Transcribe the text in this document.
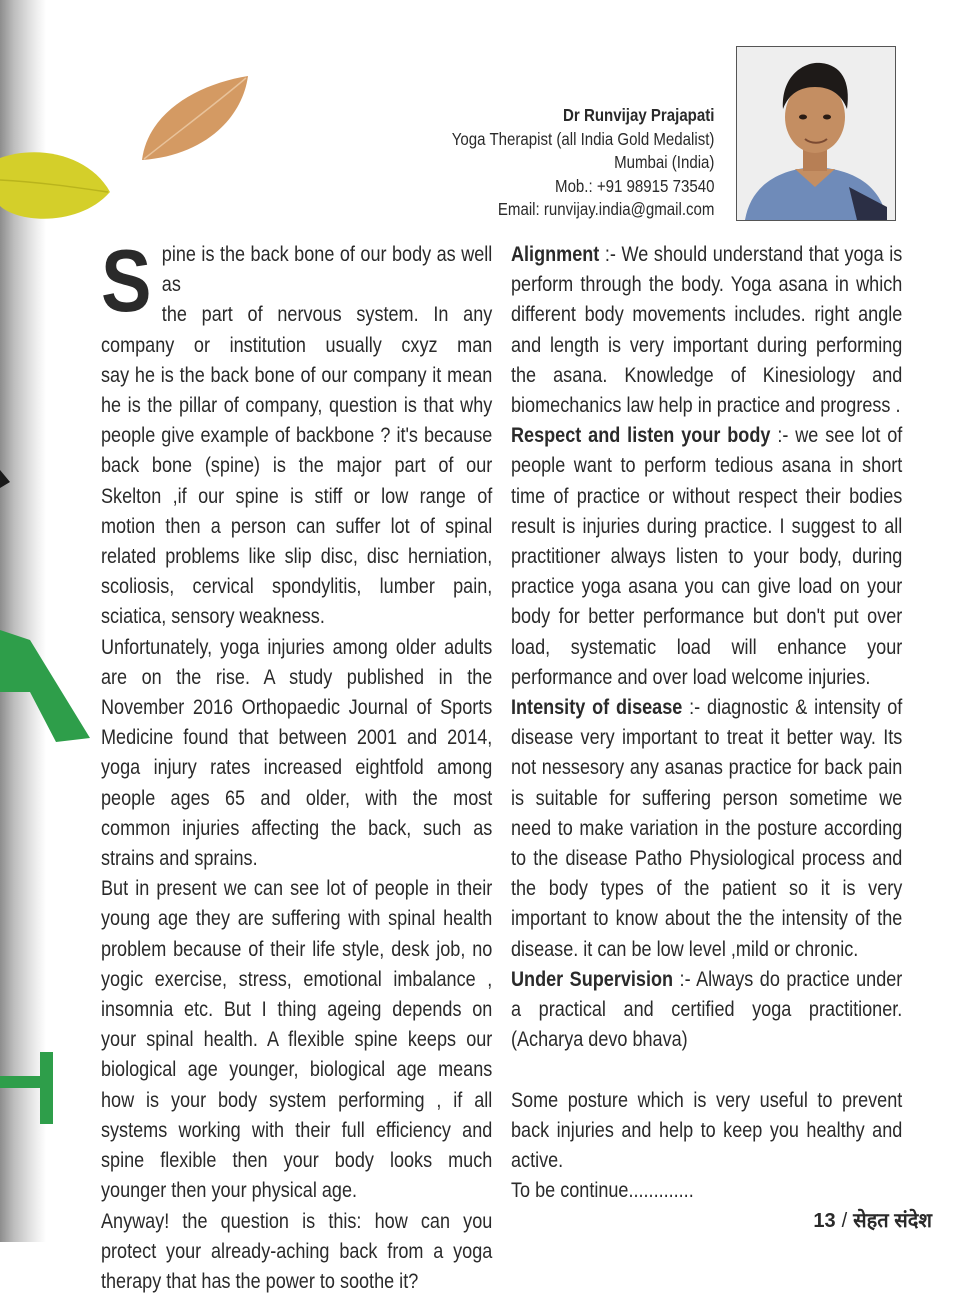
Dr Runvijay Prajapati
Yoga Therapist (all India Gold Medalist)
Mumbai (India)
Mob.: +91 98915 73540
Email: runvijay.india@gmail.com

S pine is the back bone of our body as well as
the part of nervous system. In any
company or institution usually cxyz man
say he is the back bone of our company it mean he is the pillar of company, question is that why people give example of backbone ? it's because back bone (spine) is the major part of our Skelton ,if our spine is stiff or low range of motion then a person can suffer lot of spinal related problems like slip disc, disc herniation, scoliosis, cervical spondylitis, lumber pain, sciatica, sensory weakness.

Unfortunately, yoga injuries among older adults are on the rise. A study published in the November 2016 Orthopaedic Journal of Sports Medicine found that between 2001 and 2014, yoga injury rates increased eightfold among people ages 65 and older, with the most common injuries affecting the back, such as strains and sprains.

But in present we can see lot of people in their young age they are suffering with spinal health problem because of their life style, desk job, no yogic exercise, stress, emotional imbalance , insomnia etc. But I thing ageing depends on your spinal health. A flexible spine keeps our biological age younger, biological age means how is your body system performing , if all systems working with their full efficiency and spine flexible then your body looks much younger then your physical age.

Anyway! the question is this: how can you protect your already-aching back from a yoga therapy that has the power to soothe it?

Alignment :- We should understand that yoga is perform through the body. Yoga asana in which different body movements includes. right angle and length is very important during performing the asana. Knowledge of Kinesiology and biomechanics law help in practice and progress .

Respect and listen your body :- we see lot of people want to perform tedious asana in short time of practice or without respect their bodies result is injuries during practice. I suggest to all practitioner always listen to your body, during practice yoga asana you can give load on your body for better performance but don't put over load, systematic load will enhance your performance and over load welcome injuries.

Intensity of disease :- diagnostic & intensity of disease very important to treat it better way. Its not nessesory any asanas practice for back pain is suitable for suffering person sometime we need to make variation in the posture according to the disease Patho Physiological process and the body types of the patient so it is very important to know about the the intensity of the disease. it can be low level ,mild or chronic.

Under Supervision :- Always do practice under a practical and certified yoga practitioner. (Acharya devo bhava)

Some posture which is very useful to prevent back injuries and help to keep you healthy and active.

To be continue.............

13 / सेहत संदेश
